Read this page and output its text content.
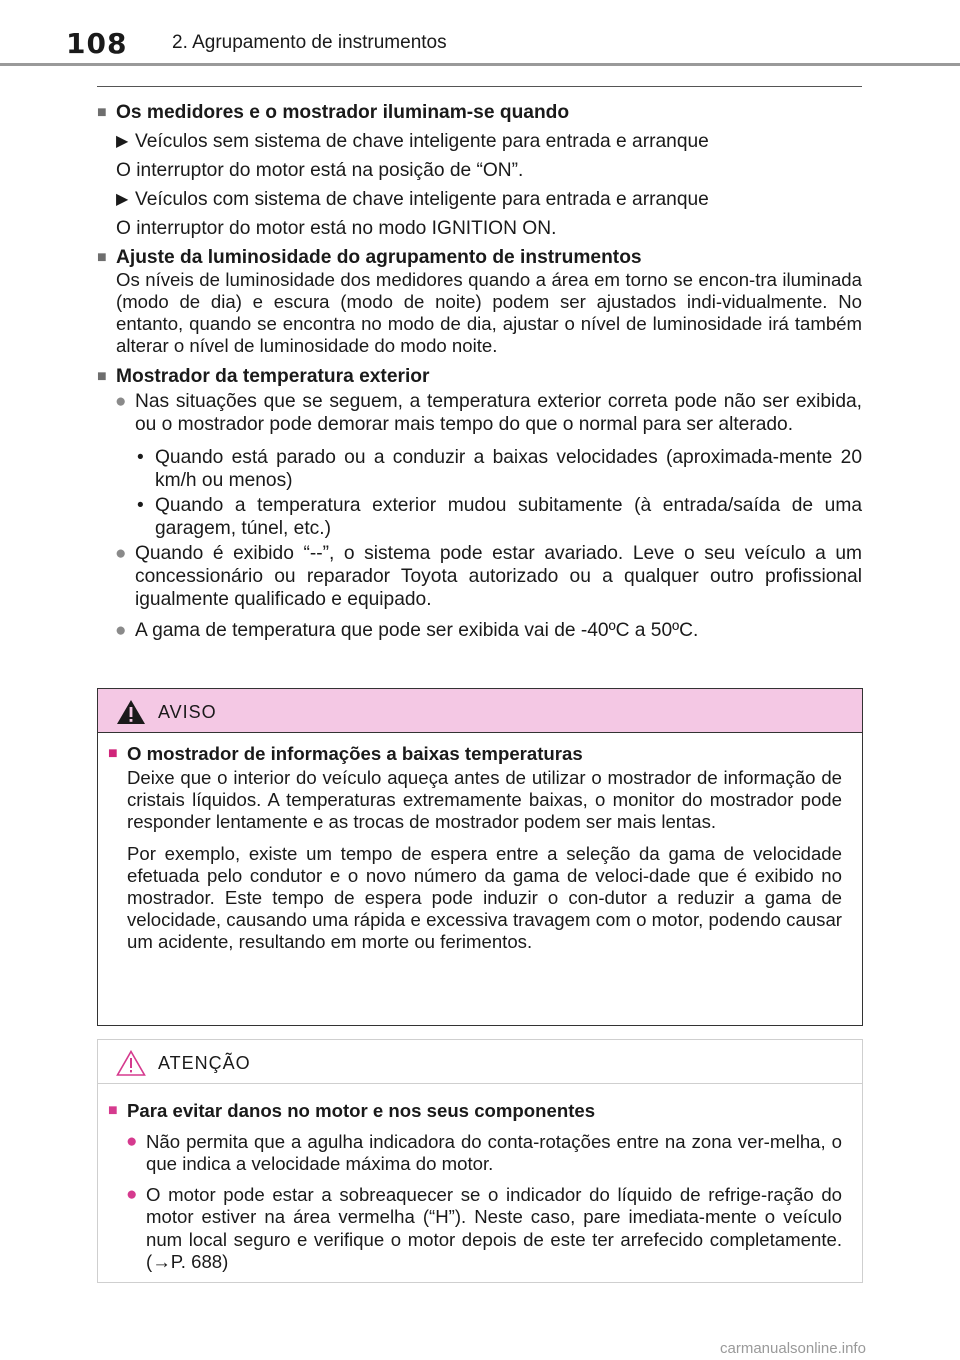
108 2. Agrupamento de instrumentos
■ Os medidores e o mostrador iluminam-se quando
▶ Veículos sem sistema de chave inteligente para entrada e arranque
O interruptor do motor está na posição de “ON”.
▶ Veículos com sistema de chave inteligente para entrada e arranque
O interruptor do motor está no modo IGNITION ON.
■ Ajuste da luminosidade do agrupamento de instrumentos
Os níveis de luminosidade dos medidores quando a área em torno se encon-tra iluminada (modo de dia) e escura (modo de noite) podem ser ajustados indi-vidualmente. No entanto, quando se encontra no modo de dia, ajustar o nível de luminosidade irá também alterar o nível de luminosidade do modo noite.
■ Mostrador da temperatura exterior
● Nas situações que se seguem, a temperatura exterior correta pode não ser exibida, ou o mostrador pode demorar mais tempo do que o normal para ser alterado.
• Quando está parado ou a conduzir a baixas velocidades (aproximada-mente 20 km/h ou menos)
• Quando a temperatura exterior mudou subitamente (à entrada/saída de uma garagem, túnel, etc.)
● Quando é exibido “--”, o sistema pode estar avariado. Leve o seu veículo a um concessionário ou reparador Toyota autorizado ou a qualquer outro profissional igualmente qualificado e equipado.
● A gama de temperatura que pode ser exibida vai de -40ºC a 50ºC.
AVISO
■ O mostrador de informações a baixas temperaturas
Deixe que o interior do veículo aqueça antes de utilizar o mostrador de informação de cristais líquidos. A temperaturas extremamente baixas, o monitor do mostrador pode responder lentamente e as trocas de mostrador podem ser mais lentas.
Por exemplo, existe um tempo de espera entre a seleção da gama de velocidade efetuada pelo condutor e o novo número da gama de veloci-dade que é exibido no mostrador. Este tempo de espera pode induzir o con-dutor a reduzir a gama de velocidade, causando uma rápida e excessiva travagem com o motor, podendo causar um acidente, resultando em morte ou ferimentos.
ATENÇÃO
■ Para evitar danos no motor e nos seus componentes
● Não permita que a agulha indicadora do conta-rotações entre na zona ver-melha, o que indica a velocidade máxima do motor.
● O motor pode estar a sobreaquecer se o indicador do líquido de refrige-ração do motor estiver na área vermelha (“H”). Neste caso, pare imediata-mente o veículo num local seguro e verifique o motor depois de este ter arrefecido completamente.(→P. 688)
carmanualsonline.info
